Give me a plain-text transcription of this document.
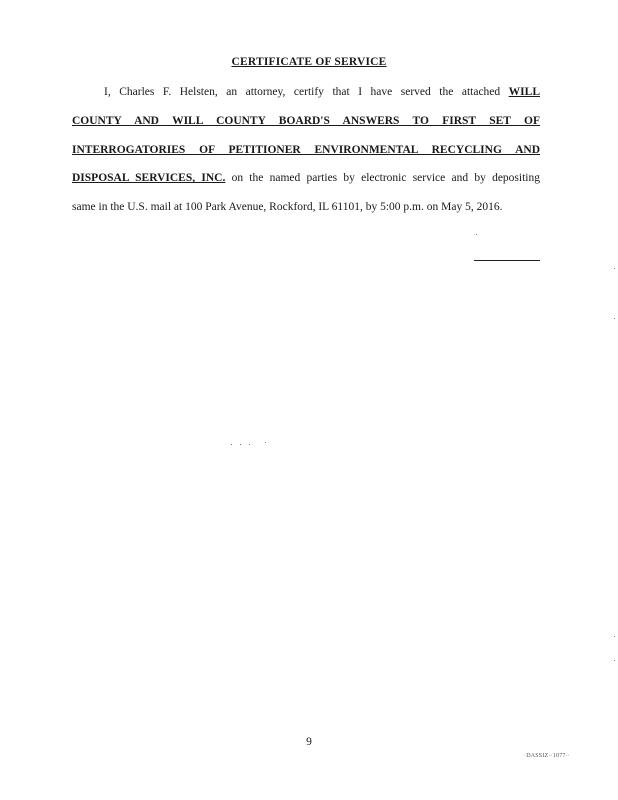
CERTIFICATE OF SERVICE
I, Charles F. Helsten, an attorney, certify that I have served the attached WILL
COUNTY AND WILL COUNTY BOARD'S ANSWERS TO FIRST SET OF
INTERROGATORIES OF PETITIONER ENVIRONMENTAL RECYCLING AND
DISPOSAL SERVICES, INC. on the named parties by electronic service and by depositing
same in the U.S. mail at 100 Park Avenue, Rockford, IL 61101, by 5:00 p.m. on May 5, 2016.
9
·DASSIZ··1077··
